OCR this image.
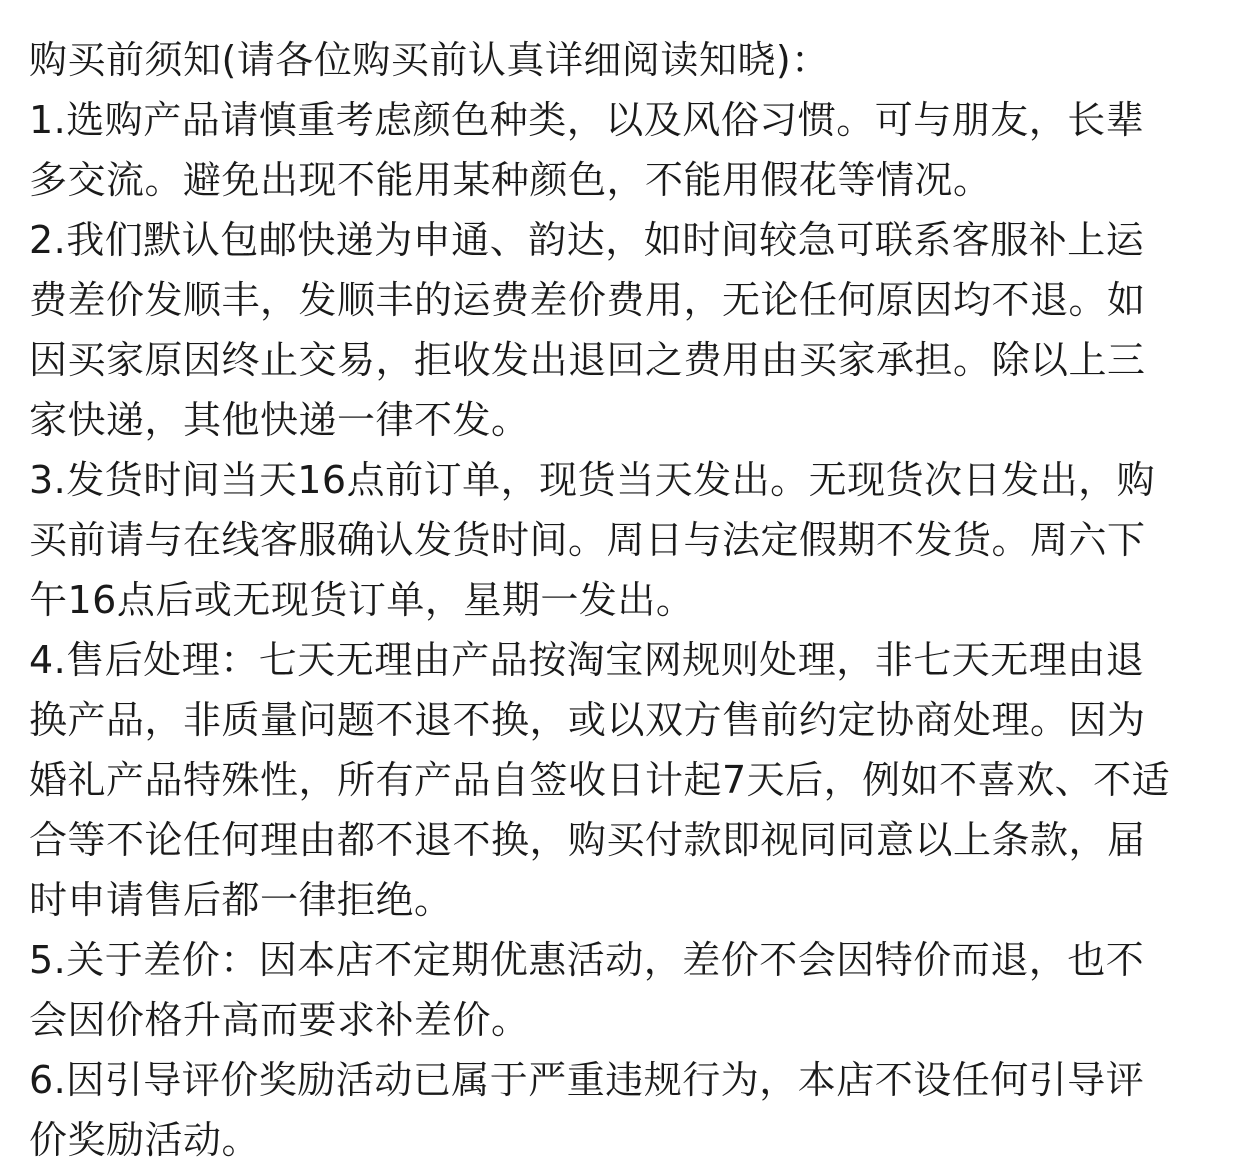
购买前须知(请各位购买前认真详细阅读知晓)：

1.选购产品请慎重考虑颜色种类，以及风俗习惯。可与朋友，长辈

多交流。避免出现不能用某种颜色，不能用假花等情况。

2.我们默认包邮快递为申通、韵达，如时间较急可联系客服补上运

费差价发顺丰，发顺丰的运费差价费用，无论任何原因均不退。如

因买家原因终止交易，拒收发出退回之费用由买家承担。除以上三

家快递，其他快递一律不发。

3.发货时间当天16点前订单，现货当天发出。无现货次日发出，购

买前请与在线客服确认发货时间。周日与法定假期不发货。周六下

午16点后或无现货订单，星期一发出。

4.售后处理：七天无理由产品按淘宝网规则处理，非七天无理由退

换产品，非质量问题不退不换，或以双方售前约定协商处理。因为

婚礼产品特殊性，所有产品自签收日计起7天后，例如不喜欢、不适

合等不论任何理由都不退不换，购买付款即视同同意以上条款，届

时申请售后都一律拒绝。

5.关于差价：因本店不定期优惠活动，差价不会因特价而退，也不

会因价格升高而要求补差价。

6.因引导评价奖励活动已属于严重违规行为，本店不设任何引导评

价奖励活动。
